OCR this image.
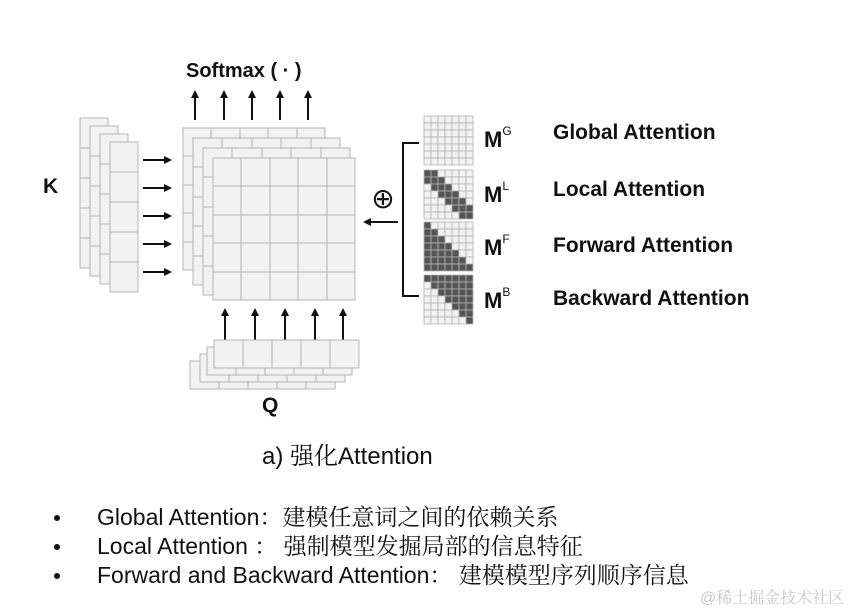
⊕
Softmax ( · )
K
Q
$M^G$ Global Attention
$M^L$ Local Attention
$M^F$ Forward Attention
$M^B$ Backward Attention
a) 强化Attention
Global Attention：建模任意词之间的依赖关系
Local Attention ： 强制模型发掘局部的信息特征
Forward and Backward Attention： 建模模型序列顺序信息
@稀土掘金技术社区
